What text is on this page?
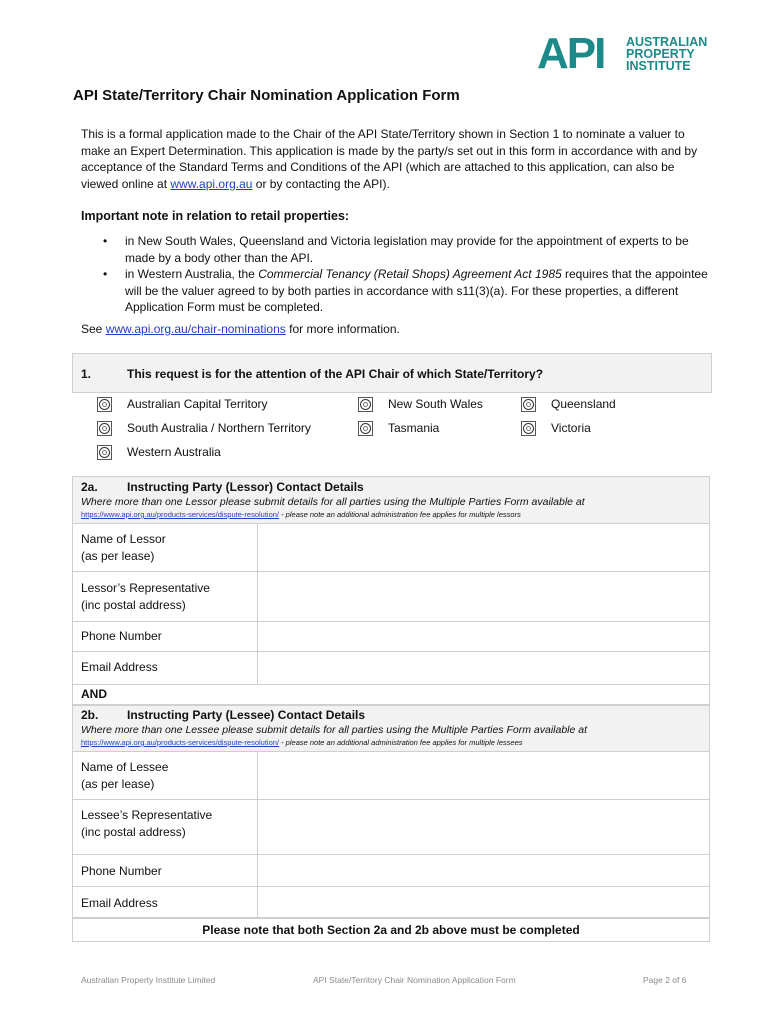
API AUSTRALIAN
PROPERTY
INSTITUTE
API State/Territory Chair Nomination Application Form

This is a formal application made to the Chair of the API State/Territory shown in Section 1 to nominate a valuer to make an Expert Determination. This application is made by the party/s set out in this form in accordance with and by acceptance of the Standard Terms and Conditions of the API (which are attached to this application, can also be viewed online at www.api.org.au or by contacting the API).

Important note in relation to retail properties:

• in New South Wales, Queensland and Victoria legislation may provide for the appointment of experts to be made by a body other than the API.
• in Western Australia, the Commercial Tenancy (Retail Shops) Agreement Act 1985 requires that the appointee will be the valuer agreed to by both parties in accordance with s11(3)(a). For these properties, a different Application Form must be completed.

See www.api.org.au/chair-nominations for more information.

1.	This request is for the attention of the API Chair of which State/Territory?
Australian Capital Territory	New South Wales	Queensland
South Australia / Northern Territory	Tasmania	Victoria
Western Australia
2a. Instructing Party (Lessor) Contact Details
Where more than one Lessor please submit details for all parties using the Multiple Parties Form available at
https://www.api.org.au/products-services/dispute-resolution/ - please note an additional administration fee applies for multiple lessors
Name of Lessor
(as per lease)
Lessor’s Representative
(inc postal address)
Phone Number
Email Address
AND
2b. Instructing Party (Lessee) Contact Details
Where more than one Lessee please submit details for all parties using the Multiple Parties Form available at
https://www.api.org.au/products-services/dispute-resolution/ - please note an additional administration fee applies for multiple lessees
Name of Lessee
(as per lease)
Lessee’s Representative
(inc postal address)
Phone Number
Email Address
Please note that both Section 2a and 2b above must be completed
Australian Property Institute Limited	API State/Territory Chair Nomination Application Form	Page 2 of 6
